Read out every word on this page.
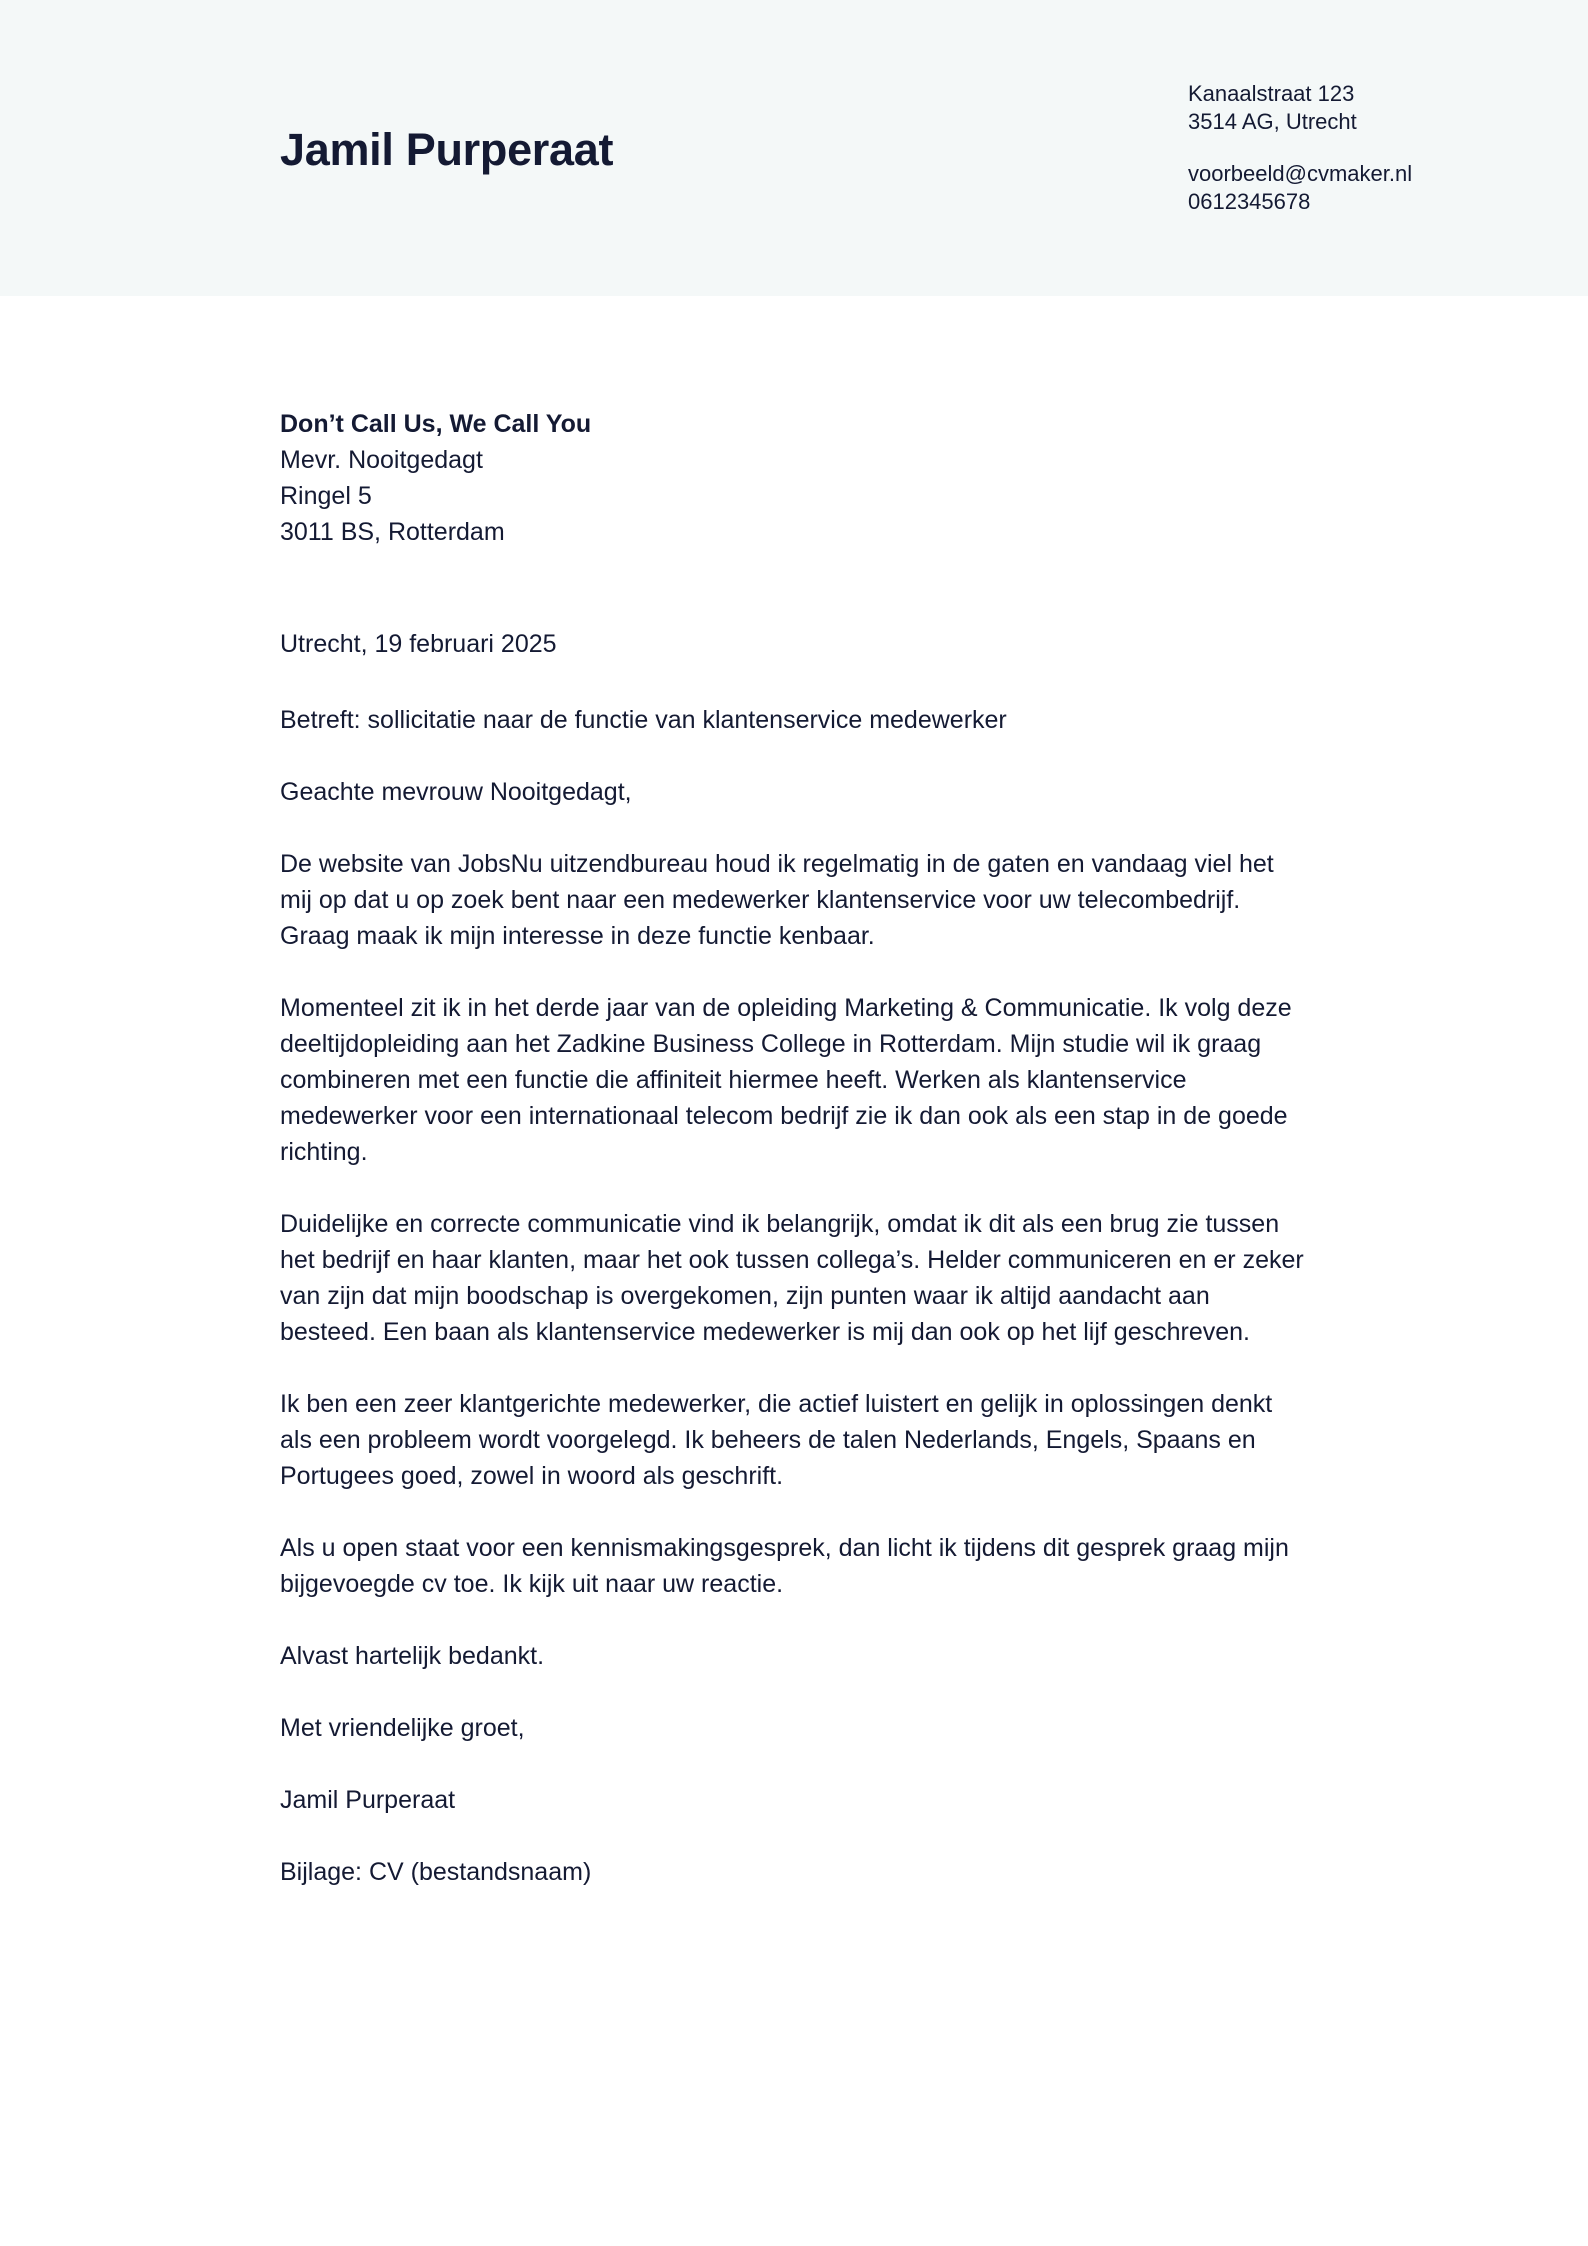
Jamil Purperaat
Kanaalstraat 123
3514 AG, Utrecht
voorbeeld@cvmaker.nl
0612345678
Don’t Call Us, We Call You
Mevr. Nooitgedagt
Ringel 5
3011 BS, Rotterdam

Utrecht, 19 februari 2025

Betreft: sollicitatie naar de functie van klantenservice medewerker

Geachte mevrouw Nooitgedagt,

De website van JobsNu uitzendbureau houd ik regelmatig in de gaten en vandaag viel het mij op dat u op zoek bent naar een medewerker klantenservice voor uw telecombedrijf. Graag maak ik mijn interesse in deze functie kenbaar.

Momenteel zit ik in het derde jaar van de opleiding Marketing & Communicatie. Ik volg deze deeltijdopleiding aan het Zadkine Business College in Rotterdam. Mijn studie wil ik graag combineren met een functie die affiniteit hiermee heeft. Werken als klantenservice medewerker voor een internationaal telecom bedrijf zie ik dan ook als een stap in de goede richting.

Duidelijke en correcte communicatie vind ik belangrijk, omdat ik dit als een brug zie tussen het bedrijf en haar klanten, maar het ook tussen collega’s. Helder communiceren en er zeker van zijn dat mijn boodschap is overgekomen, zijn punten waar ik altijd aandacht aan besteed. Een baan als klantenservice medewerker is mij dan ook op het lijf geschreven.

Ik ben een zeer klantgerichte medewerker, die actief luistert en gelijk in oplossingen denkt als een probleem wordt voorgelegd. Ik beheers de talen Nederlands, Engels, Spaans en Portugees goed, zowel in woord als geschrift.

Als u open staat voor een kennismakingsgesprek, dan licht ik tijdens dit gesprek graag mijn bijgevoegde cv toe. Ik kijk uit naar uw reactie.

Alvast hartelijk bedankt.

Met vriendelijke groet,

Jamil Purperaat

Bijlage: CV (bestandsnaam)
